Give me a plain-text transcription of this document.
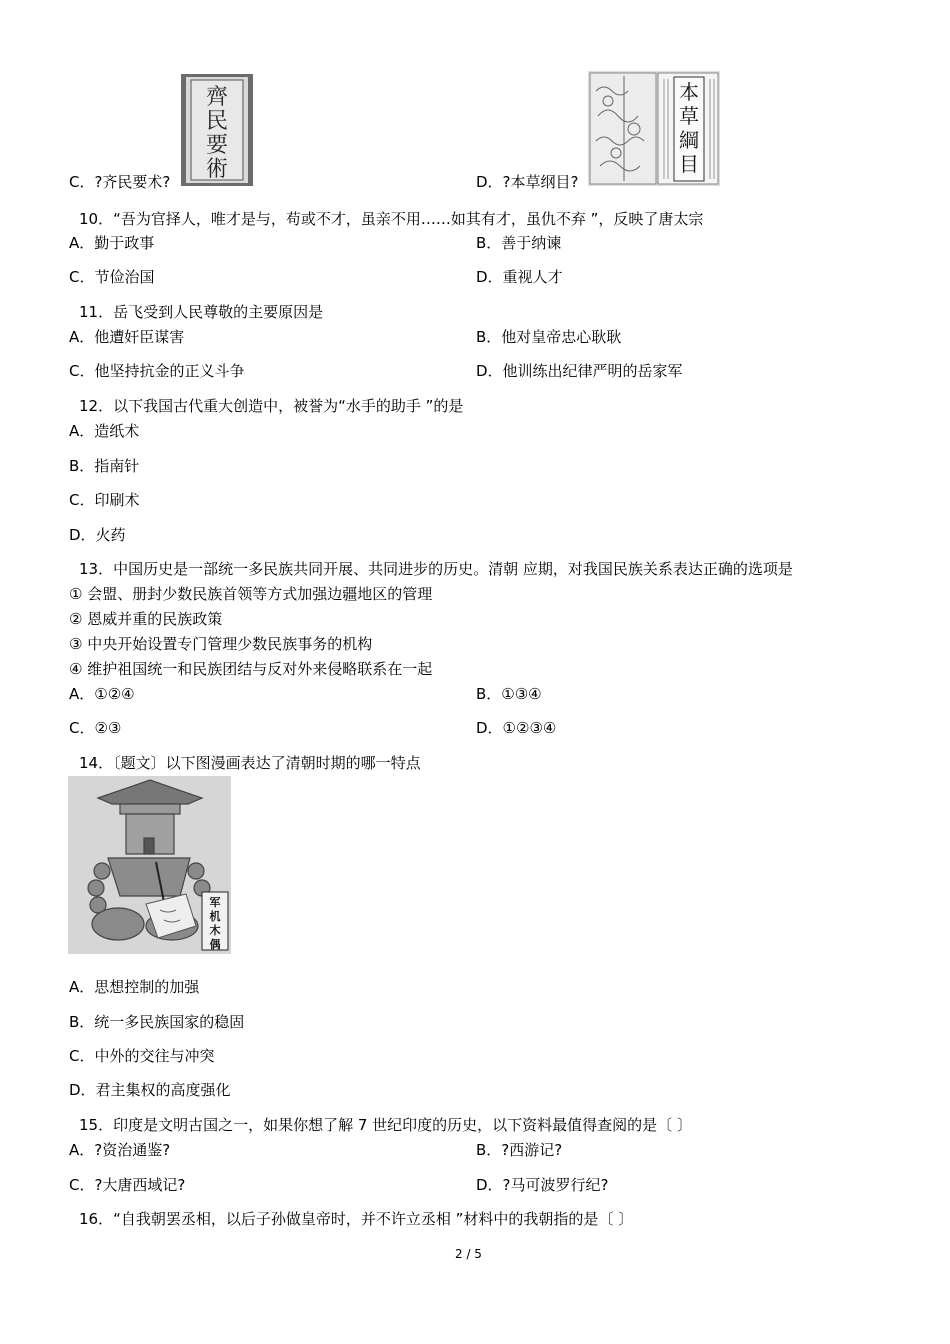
齊
民
要
術
本
草
綱
目
C．?齐民要术?	D．?本草纲目?
10．“吾为官择人，唯才是与，苟或不才，虽亲不用……如其有才，虽仇不弃 ”，反映了唐太宗
A．勤于政事	B．善于纳谏
C．节俭治国	D．重视人才
11．岳飞受到人民尊敬的主要原因是
A．他遭奸臣谋害	B．他对皇帝忠心耿耿
C．他坚持抗金的正义斗争	D．他训练出纪律严明的岳家军
12．以下我国古代重大创造中，被誉为“水手的助手 ”的是
A．造纸术
B．指南针
C．印刷术
D．火药
13．中国历史是一部统一多民族共同开展、共同进步的历史。清朝 应期，对我国民族关系表达正确的选项是
① 会盟、册封少数民族首领等方式加强边疆地区的管理
② 恩威并重的民族政策
③ 中央开始设置专门管理少数民族事务的机构
④ 维护祖国统一和民族团结与反对外来侵略联系在一起
A．①②④	B．①③④
C．②③	D．①②③④
14．〔题文〕以下图漫画表达了清朝时期的哪一特点
军
机
木
偶
A．思想控制的加强
B．统一多民族国家的稳固
C．中外的交往与冲突
D．君主集权的高度强化
15．印度是文明古国之一，如果你想了解 7 世纪印度的历史，以下资料最值得查阅的是〔 〕
A．?资治通鉴?	B．?西游记?
C．?大唐西域记?	D．?马可波罗行纪?
16．“自我朝罢丞相，以后子孙做皇帝时，并不许立丞相 ”材料中的我朝指的是〔 〕
2 / 5
